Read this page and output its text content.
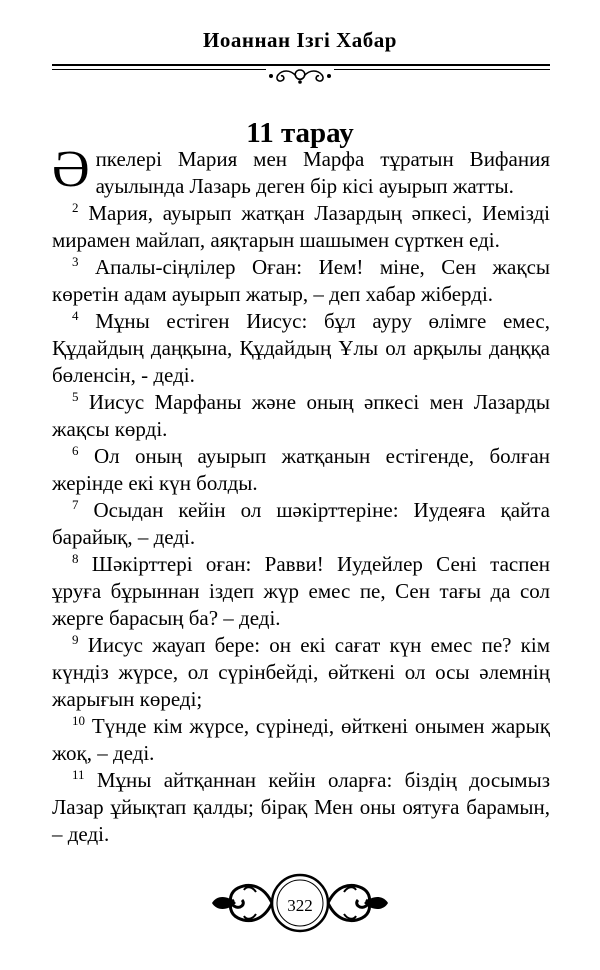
Иоаннан Ізгі Хабар
11 тарау

Әпкелері Мария мен Марфа тұратын Вифания ауылында Лазарь деген бір кісі ауырып жатты.

$^2$ Мария, ауырып жатқан Лазардың әпкесі, Иемізді мирамен майлап, аяқтарын шашымен сүрткен еді.

$^3$ Апалы-сіңлілер Оған: Ием! міне, Сен жақсы көретін адам ауырып жатыр, – деп хабар жіберді.

$^4$ Мұны естіген Иисус: бұл ауру өлімге емес, Құдайдың даңқына, Құдайдың Ұлы ол арқылы даңққа бөленсін, - деді.

$^5$ Иисус Марфаны және оның әпкесі мен Лазарды жақсы көрді.

$^6$ Ол оның ауырып жатқанын естігенде, болған жерінде екі күн болды.

$^7$ Осыдан кейін ол шәкірттеріне: Иудеяға қайта барайық, – деді.

$^8$ Шәкірттері оған: Равви! Иудейлер Сені таспен ұруға бұрыннан іздеп жүр емес пе, Сен тағы да сол жерге барасың ба? – деді.

$^9$ Иисус жауап бере: он екі сағат күн емес пе? кім күндіз жүрсе, ол сүрінбейді, өйткені ол осы әлемнің жарығын көреді;

$^{10}$ Түнде кім жүрсе, сүрінеді, өйткені онымен жарық жоқ, – деді.

$^{11}$ Мұны айтқаннан кейін оларға: біздің досымыз Лазар ұйықтап қалды; бірақ Мен оны оятуға барамын, – деді.

322
